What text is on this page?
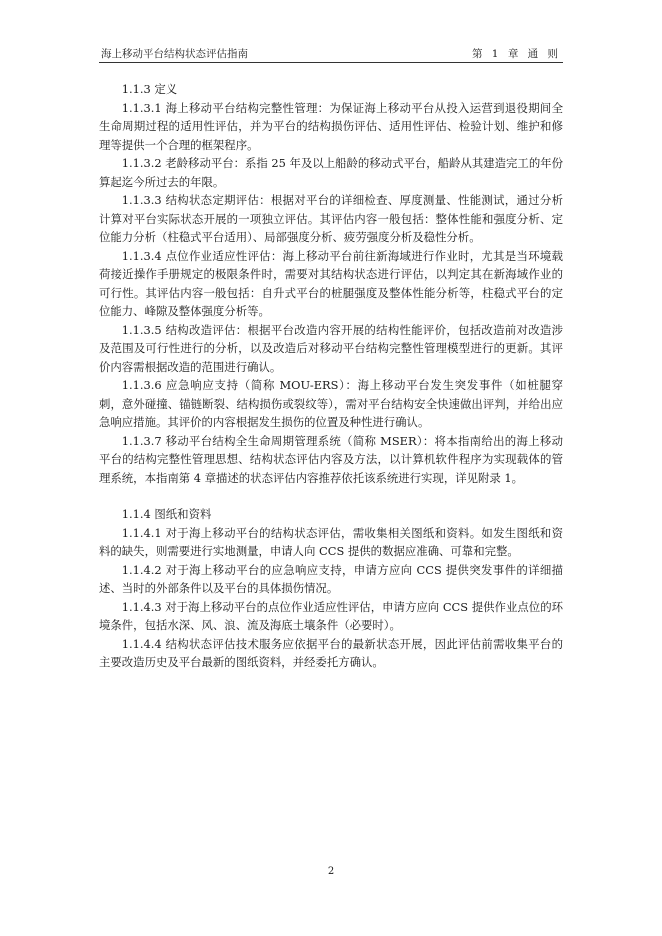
海上移动平台结构状态评估指南	第 1 章 通 则
1.1.3 定义

1.1.3.1 海上移动平台结构完整性管理：为保证海上移动平台从投入运营到退役期间全生命周期过程的适用性评估，并为平台的结构损伤评估、适用性评估、检验计划、维护和修理等提供一个合理的框架程序。

1.1.3.2 老龄移动平台：系指 25 年及以上船龄的移动式平台，船龄从其建造完工的年份算起迄今所过去的年限。

1.1.3.3 结构状态定期评估：根据对平台的详细检查、厚度测量、性能测试，通过分析计算对平台实际状态开展的一项独立评估。其评估内容一般包括：整体性能和强度分析、定位能力分析（柱稳式平台适用）、局部强度分析、疲劳强度分析及稳性分析。

1.1.3.4 点位作业适应性评估：海上移动平台前往新海域进行作业时，尤其是当环境载荷接近操作手册规定的极限条件时，需要对其结构状态进行评估，以判定其在新海域作业的可行性。其评估内容一般包括：自升式平台的桩腿强度及整体性能分析等，柱稳式平台的定位能力、峰隙及整体强度分析等。

1.1.3.5 结构改造评估：根据平台改造内容开展的结构性能评价，包括改造前对改造涉及范围及可行性进行的分析，以及改造后对移动平台结构完整性管理模型进行的更新。其评价内容需根据改造的范围进行确认。

1.1.3.6 应急响应支持（简称 MOU-ERS）：海上移动平台发生突发事件（如桩腿穿刺，意外碰撞、锚链断裂、结构损伤或裂纹等），需对平台结构安全快速做出评判，并给出应急响应措施。其评价的内容根据发生损伤的位置及种性进行确认。

1.1.3.7 移动平台结构全生命周期管理系统（简称 MSER）：将本指南给出的海上移动平台的结构完整性管理思想、结构状态评估内容及方法，以计算机软件程序为实现载体的管理系统，本指南第 4 章描述的状态评估内容推荐依托该系统进行实现，详见附录 1。

1.1.4 图纸和资料

1.1.4.1 对于海上移动平台的结构状态评估，需收集相关图纸和资料。如发生图纸和资料的缺失，则需要进行实地测量，申请人向 CCS 提供的数据应准确、可靠和完整。

1.1.4.2 对于海上移动平台的应急响应支持，申请方应向 CCS 提供突发事件的详细描述、当时的外部条件以及平台的具体损伤情况。

1.1.4.3 对于海上移动平台的点位作业适应性评估，申请方应向 CCS 提供作业点位的环境条件，包括水深、风、浪、流及海底土壤条件（必要时）。

1.1.4.4 结构状态评估技术服务应依据平台的最新状态开展，因此评估前需收集平台的主要改造历史及平台最新的图纸资料，并经委托方确认。

2
